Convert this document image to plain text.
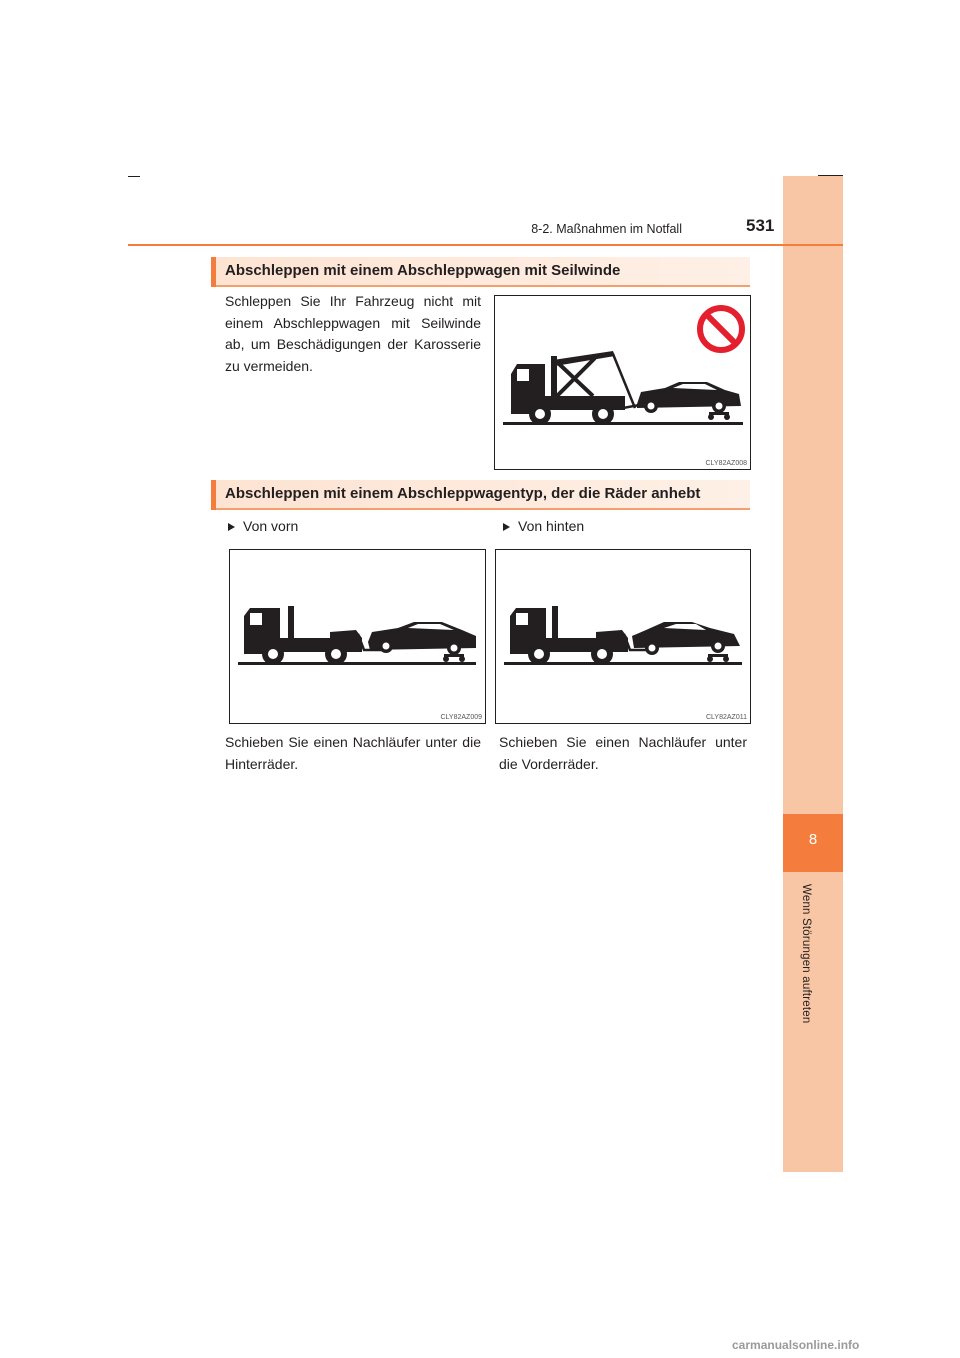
8
Wenn Störungen auftreten
8-2. Maßnahmen im Notfall	531
Abschleppen mit einem Abschleppwagen mit Seilwinde
Schleppen Sie Ihr Fahrzeug nicht mit einem Abschleppwagen mit Seilwinde ab, um Beschädigungen der Karosserie zu vermeiden.
CLY82AZ008
Abschleppen mit einem Abschleppwagentyp, der die Räder anhebt
Von vorn	Von hinten
CLY82AZ009	CLY82AZ011
Schieben Sie einen Nachläufer unter die Hinterräder.
Schieben Sie einen Nachläufer unter die Vorderräder.
carmanualsonline.info
